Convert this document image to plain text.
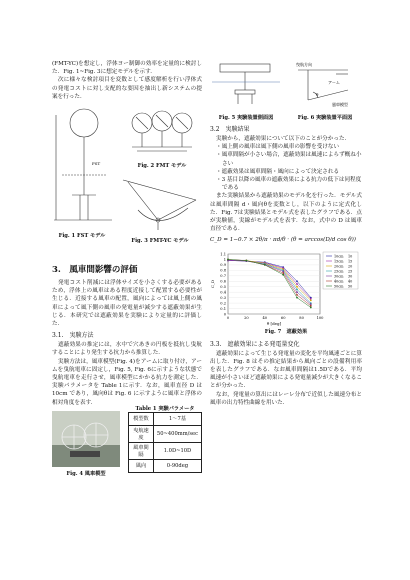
(FMT-YC)を想定し，浮体ヨー制御の効率を定量的に検討した．Fig. 1~Fig. 3に想定モデルを示す．

次に様々な検討項目を変数として感度解析を行い浮体式の発電コストに対し支配的な要因を抽出し新システムの提案を行った．

Fig. 2 FMT モデル
FST
Fig. 1 FST モデル
Fig. 3 FMT-YC モデル
3.　風車間影響の評価

発電コスト削減には浮体サイズを小さくする必要があるため，浮体上の風車はある程度近接して配置する必要性が生じる．近接する風車の配置，風向によっては風上側の風車によって風下側の風車の発電量が減少する遮蔽効果が生じる．本研究では遮蔽効果を実験により定量的に評価した．

3.1.　実験方法

遮蔽効果の推定には，水中で穴あきの円板を抵抗し曳航することにより発生する抗力から推算した．

実験方法は，風車模型(Fig. 4)をアームに取り付け，アームを曳航電車に固定し，Fig. 5, Fig. 6に示すような状態で曳航電車を走行させ，風車模型にかかる抗力を測定した．実験パラメータを Table 1に示す．なお，風車直径 D は 10cm であり，風向θは Fig. 6 に示すように風車と浮体の相対角度を表す．

Fig. 4 風車模型
Table 1 実験パラメータ
模型数	1〜7基
曳航速度	50~400mm/sec
風車間隔	1.0D~10D
風向	0-90deg
曳航方向
アーム
風車模型
θ
Fig. 5 実験装置側面図	Fig. 6 実験装置平面図
3.2　実験結果

実験から，遮蔽効果について以下のことが分かった．

・風上側の風車は風下側の風車の影響を受けない

・風車間隔が小さい場合，遮蔽効果は風速によらず概ね小さい

・遮蔽効果は風車間隔・風向によって決定される

・3 基目以降の風車の遮蔽効果による抗力の低下は同程度である

また実験結果から遮蔽効果のモデル化を行った．モデル式は風車間隔 d・風向θを変数とし，以下のように定式化した．Fig. 7は実験結果とモデル式を表したグラフである．点が実験値，実線がモデル式を表す．なお，式中の D は風車直径である．

C_D = 1−0.7 × 2θ/π · πd/θ · (θ = arccos(D/d cos θ))
1.1
1
0.9
0.8
0.7
0.6
0.5
0.4
0.3
0.2
0.1
0
0	20	40	60	80	100
C_D
θ [deg]
10cm 10
15cm 15
20cm 20
25cm 25
30cm 30
40cm 40
50cm 50
Fig. 7　遮蔽効果
3.3.　遮蔽効果による発電量変化

遮蔽効果によって生じる発電量の変化を平均風速ごとに算出した．Fig. 8 はその推定結果から風向ごとの設備利用率を表したグラフである．なお風車間隔は1.5Dである．平均風速が小さいほど遮蔽効果による発電量減少が大きくなることが分かった．

なお，発電量の算出にはレーレ分布で近似した風速分布と風車の出力特性曲線を用いた．
